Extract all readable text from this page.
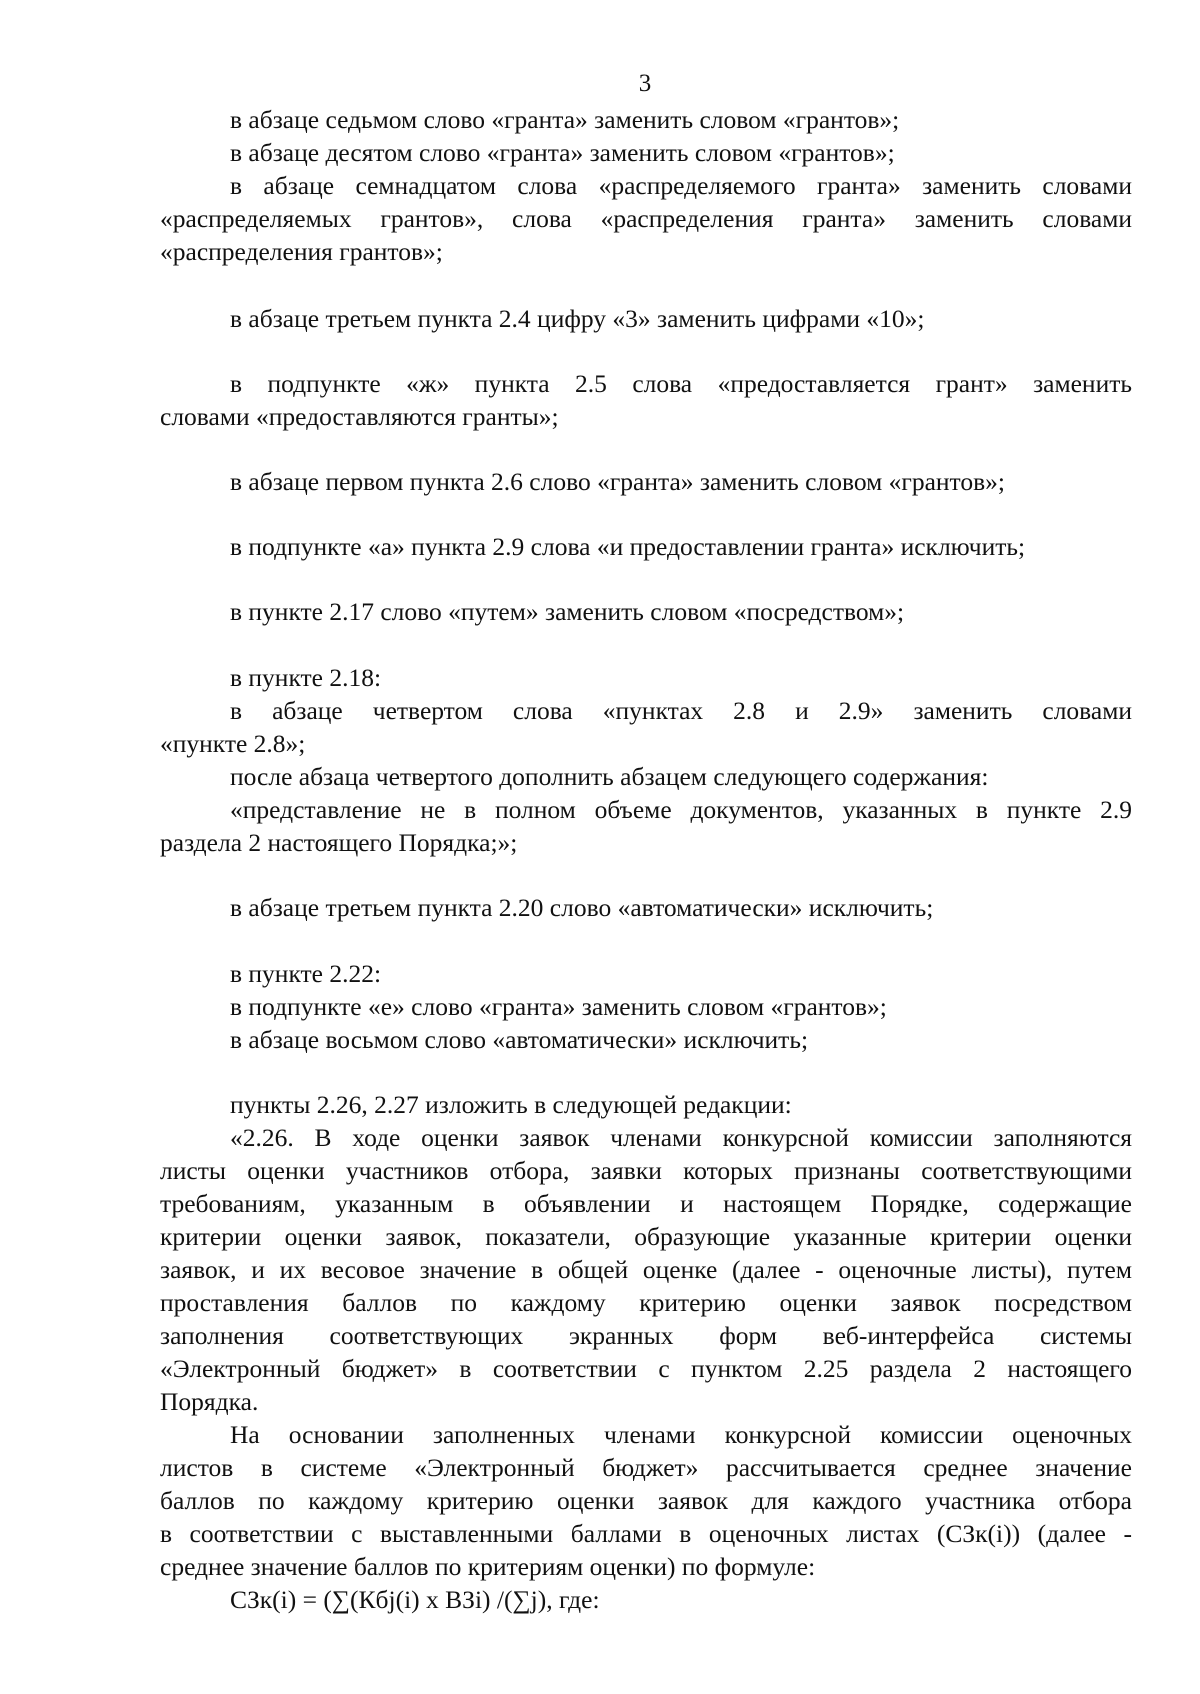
3
в абзаце седьмом слово «гранта» заменить словом «грантов»;
в абзаце десятом слово «гранта» заменить словом «грантов»;
в абзаце семнадцатом слова «распределяемого гранта» заменить словами
«распределяемых грантов», слова «распределения гранта» заменить словами
«распределения грантов»;
в абзаце третьем пункта 2.4 цифру «3» заменить цифрами «10»;
в подпункте «ж» пункта 2.5 слова «предоставляется грант» заменить
словами «предоставляются гранты»;
в абзаце первом пункта 2.6 слово «гранта» заменить словом «грантов»;
в подпункте «а» пункта 2.9 слова «и предоставлении гранта» исключить;
в пункте 2.17 слово «путем» заменить словом «посредством»;
в пункте 2.18:
в абзаце четвертом слова «пунктах 2.8 и 2.9» заменить словами
«пункте 2.8»;
после абзаца четвертого дополнить абзацем следующего содержания:
«представление не в полном объеме документов, указанных в пункте 2.9
раздела 2 настоящего Порядка;»;
в абзаце третьем пункта 2.20 слово «автоматически» исключить;
в пункте 2.22:
в подпункте «е» слово «гранта» заменить словом «грантов»;
в абзаце восьмом слово «автоматически» исключить;
пункты 2.26, 2.27 изложить в следующей редакции:
«2.26. В ходе оценки заявок членами конкурсной комиссии заполняются
листы оценки участников отбора, заявки которых признаны соответствующими
требованиям, указанным в объявлении и настоящем Порядке, содержащие
критерии оценки заявок, показатели, образующие указанные критерии оценки
заявок, и их весовое значение в общей оценке (далее - оценочные листы), путем
проставления баллов по каждому критерию оценки заявок посредством
заполнения соответствующих экранных форм веб-интерфейса системы
«Электронный бюджет» в соответствии с пунктом 2.25 раздела 2 настоящего
Порядка.
На основании заполненных членами конкурсной комиссии оценочных
листов в системе «Электронный бюджет» рассчитывается среднее значение
баллов по каждому критерию оценки заявок для каждого участника отбора
в соответствии с выставленными баллами в оценочных листах (СЗк(i)) (далее -
среднее значение баллов по критериям оценки) по формуле:
СЗк(i) = (∑(Кбj(i) x ВЗi) /(∑j), где:
